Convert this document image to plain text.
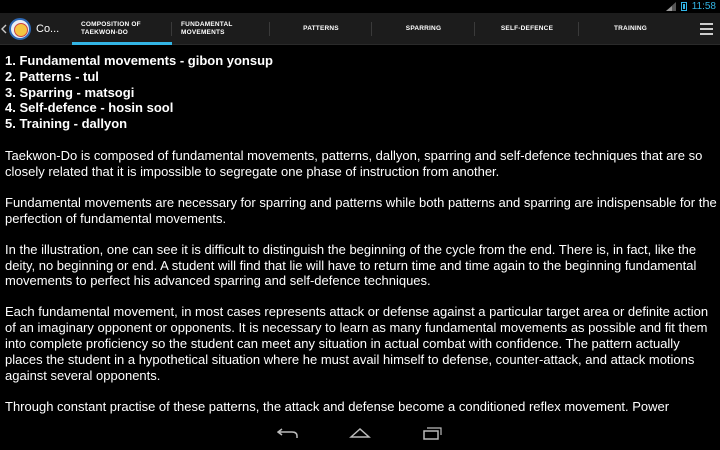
11:58
Co...	COMPOSITION OF
TAEKWON-DO
FUNDAMENTAL
MOVEMENTS
PATTERNS	SPARRING	SELF-DEFENCE	TRAINING
1. Fundamental movements - gibon yonsup
2. Patterns - tul
3. Sparring - matsogi
4. Self-defence - hosin sool
5. Training - dallyon

Taekwon-Do is composed of fundamental movements, patterns, dallyon, sparring and self-defence techniques that are so closely related that it is impossible to segregate one phase of instruction from another.

Fundamental movements are necessary for sparring and patterns while both patterns and sparring are indispensable for the perfection of fundamental movements.

In the illustration, one can see it is difficult to distinguish the beginning of the cycle from the end. There is, in fact, like the deity, no beginning or end. A student will find that lie will have to return time and time again to the beginning fundamental movements to perfect his advanced sparring and self-defence techniques.

Each fundamental movement, in most cases represents attack or defense against a particular target area or definite action of an imaginary opponent or opponents. It is necessary to learn as many fundamental movements as possible and fit them into complete proficiency so the student can meet any situation in actual combat with confidence. The pattern actually places the student in a hypothetical situation where he must avail himself to defense, counter-attack, and attack motions against several opponents.

Through constant practise of these patterns, the attack and defense become a conditioned reflex movement. Power
